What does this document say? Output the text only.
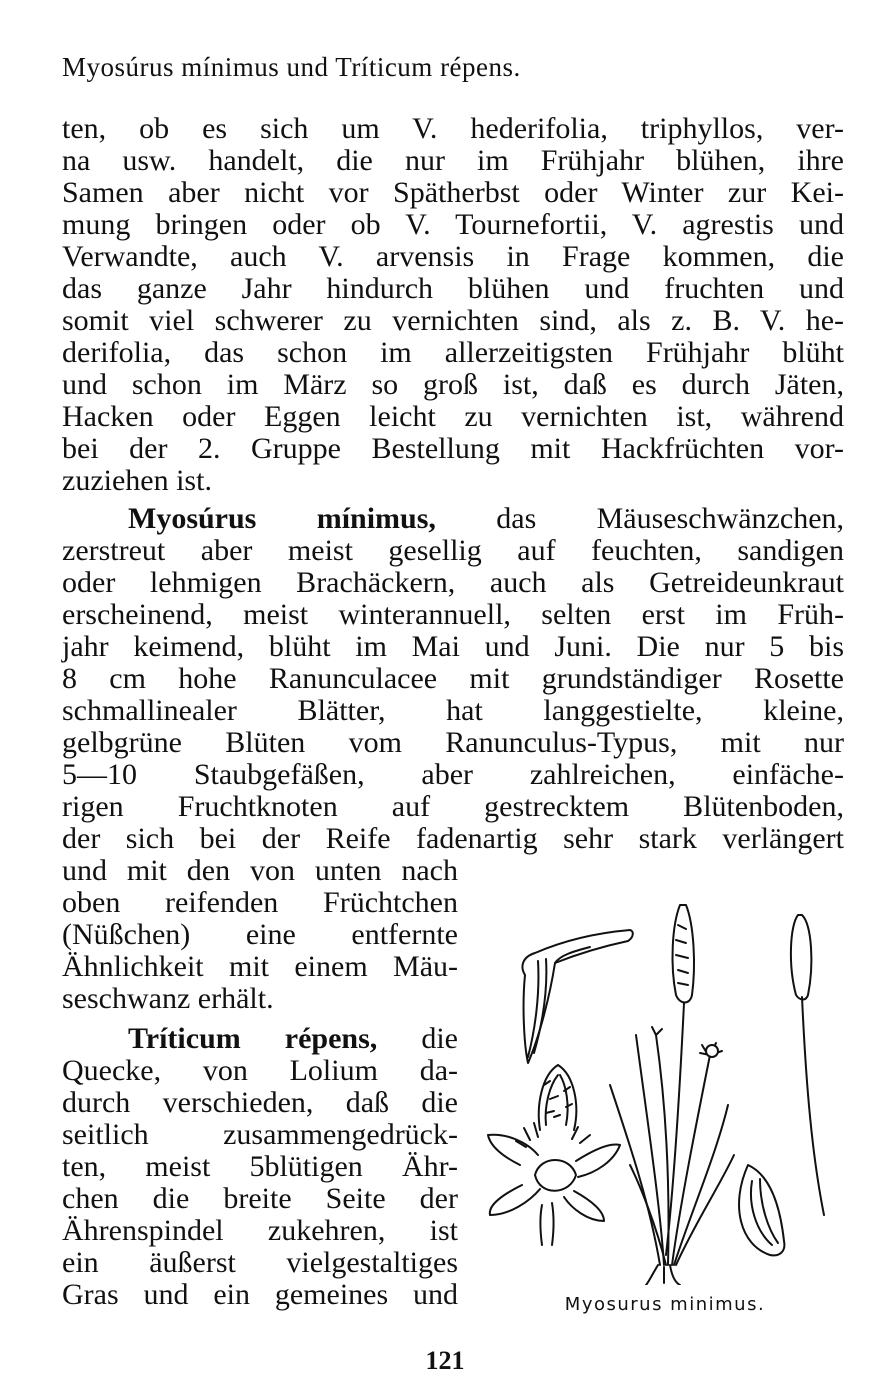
Myosúrus mínimus und Tríticum répens.
ten, ob es sich um V. hederifolia, triphyllos, ver-
na usw. handelt, die nur im Frühjahr blühen, ihre
Samen aber nicht vor Spätherbst oder Winter zur Kei-
mung bringen oder ob V. Tournefortii, V. agrestis und
Verwandte, auch V. arvensis in Frage kommen, die
das ganze Jahr hindurch blühen und fruchten und
somit viel schwerer zu vernichten sind, als z. B. V. he-
derifolia, das schon im allerzeitigsten Frühjahr blüht
und schon im März so groß ist, daß es durch Jäten,
Hacken oder Eggen leicht zu vernichten ist, während
bei der 2. Gruppe Bestellung mit Hackfrüchten vor-
zuziehen ist.
Myosúrus mínimus, das Mäuseschwänzchen,
zerstreut aber meist gesellig auf feuchten, sandigen
oder lehmigen Brachäckern, auch als Getreideunkraut
erscheinend, meist winterannuell, selten erst im Früh-
jahr keimend, blüht im Mai und Juni. Die nur 5 bis
8 cm hohe Ranunculacee mit grundständiger Rosette
schmallinealer Blätter, hat langgestielte, kleine,
gelbgrüne Blüten vom Ranunculus-Typus, mit nur
5—10 Staubgefäßen, aber zahlreichen, einfäche-
rigen Fruchtknoten auf gestrecktem Blütenboden,
der sich bei der Reife fadenartig sehr stark verlängert
und mit den von unten nach
oben reifenden Früchtchen
(Nüßchen) eine entfernte
Ähnlichkeit mit einem Mäu-
seschwanz erhält.
Tríticum répens, die
Quecke, von Lolium da-
durch verschieden, daß die
seitlich zusammengedrück-
ten, meist 5blütigen Ähr-
chen die breite Seite der
Ährenspindel zukehren, ist
ein äußerst vielgestaltiges
Gras und ein gemeines und	Myosurus minimus.
121
